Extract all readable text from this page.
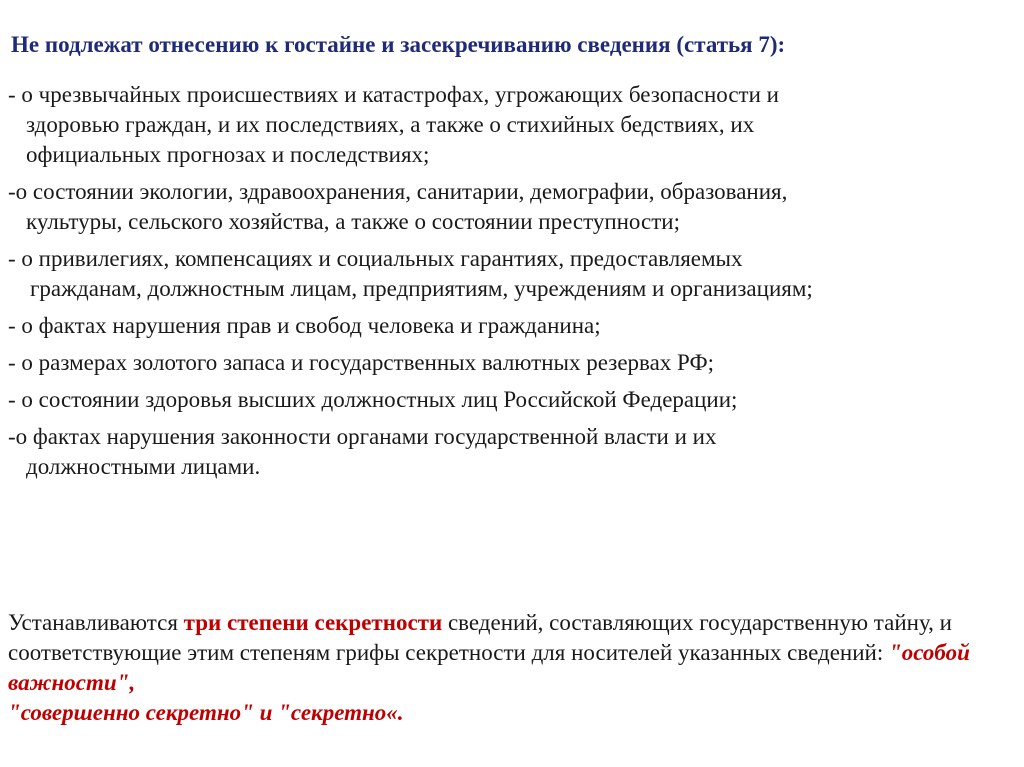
Не подлежат отнесению к гостайне и засекречиванию сведения (статья 7):
- о чрезвычайных происшествиях и катастрофах, угрожающих безопасности и
здоровью граждан, и их последствиях, а также о стихийных бедствиях, их
официальных прогнозах и последствиях;
-о состоянии экологии, здравоохранения, санитарии, демографии, образования,
культуры, сельского хозяйства, а также о состоянии преступности;
- о привилегиях, компенсациях и социальных гарантиях, предоставляемых
гражданам, должностным лицам, предприятиям, учреждениям и организациям;
- о фактах нарушения прав и свобод человека и гражданина;
- о размерах золотого запаса и государственных валютных резервах РФ;
- о состоянии здоровья высших должностных лиц Российской Федерации;
-о фактах нарушения законности органами государственной власти и их
должностными лицами.
Устанавливаются три степени секретности сведений, составляющих государственную тайну, и соответствующие этим степеням грифы секретности для носителей указанных сведений: "особой важности",
"совершенно секретно" и "секретно«.
